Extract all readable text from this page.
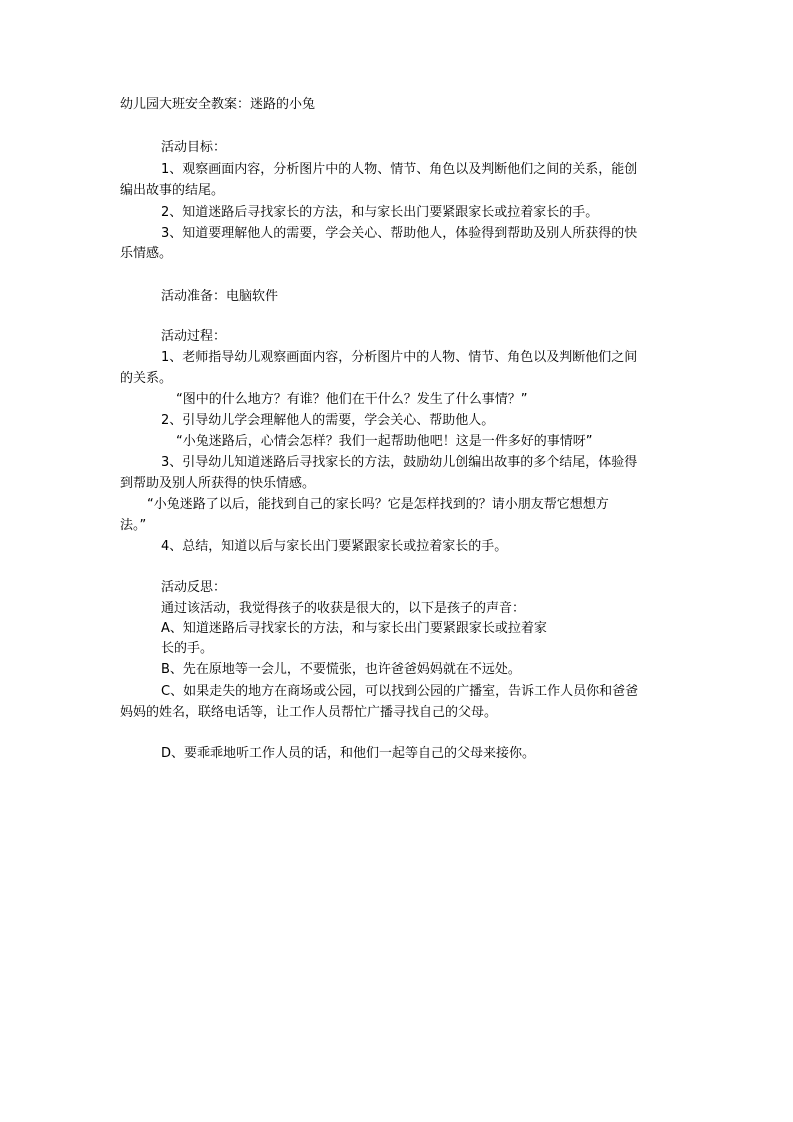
幼儿园大班安全教案：迷路的小兔

活动目标：

1、观察画面内容，分析图片中的人物、情节、角色以及判断他们之间的关系，能创

编出故事的结尾。

2、知道迷路后寻找家长的方法，和与家长出门要紧跟家长或拉着家长的手。

3、知道要理解他人的需要，学会关心、帮助他人，体验得到帮助及别人所获得的快

乐情感。

活动准备：电脑软件

活动过程：

1、老师指导幼儿观察画面内容，分析图片中的人物、情节、角色以及判断他们之间

的关系。

“图中的什么地方？有谁？他们在干什么？发生了什么事情？”

2、引导幼儿学会理解他人的需要，学会关心、帮助他人。

“小兔迷路后，心情会怎样？我们一起帮助他吧！这是一件多好的事情呀”

3、引导幼儿知道迷路后寻找家长的方法，鼓励幼儿创编出故事的多个结尾，体验得

到帮助及别人所获得的快乐情感。

“小兔迷路了以后，能找到自己的家长吗？它是怎样找到的？请小朋友帮它想想方

法。”

4、总结，知道以后与家长出门要紧跟家长或拉着家长的手。

活动反思：

通过该活动，我觉得孩子的收获是很大的，以下是孩子的声音：

A、知道迷路后寻找家长的方法，和与家长出门要紧跟家长或拉着家

长的手。

B、先在原地等一会儿，不要慌张，也许爸爸妈妈就在不远处。

C、如果走失的地方在商场或公园，可以找到公园的广播室，告诉工作人员你和爸爸

妈妈的姓名，联络电话等，让工作人员帮忙广播寻找自己的父母。

D、要乖乖地听工作人员的话，和他们一起等自己的父母来接你。
